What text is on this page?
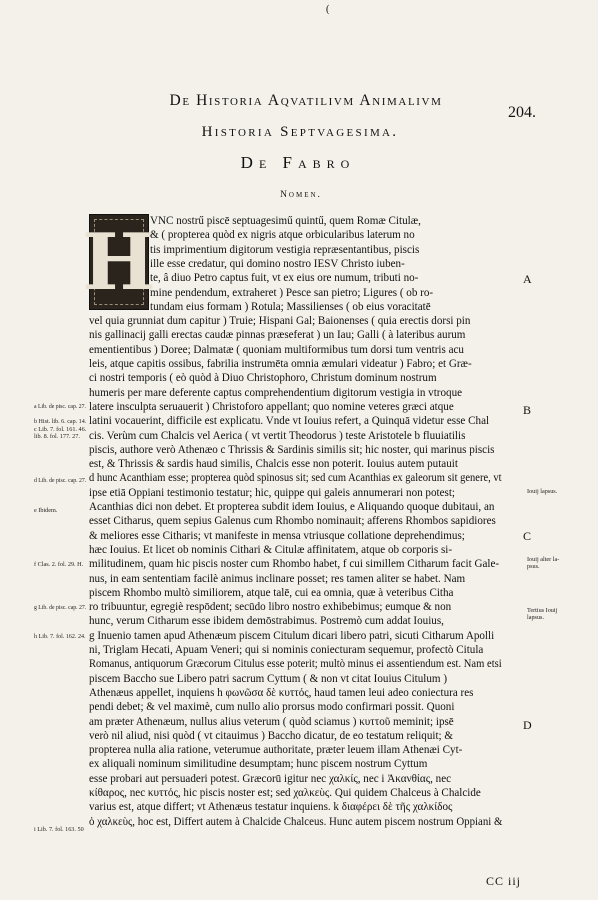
(
De Historia Aqvatilivm Animalivm
204.
Historia Septvagesima.
De Fabro
Nomen.
H
VNC nostrű piscē septuagesimű quintű, quem Romæ Citulæ,
& ( propterea quòd ex nigris atque orbicularibus laterum no
tis imprimentium digitorum vestigia repræsentantibus, piscis
ille esse credatur, qui domino nostro IESV Christo iuben-
te, â diuo Petro captus fuit, vt ex eius ore numum, tributi no-
mine pendendum, extraheret ) Pesce san pietro; Ligures ( ob ro-
tundam eius formam ) Rotula; Massilienses ( ob eius voracitatē
vel quia grunniat dum capitur ) Truie; Hispani Gal; Baionenses ( quia erectis dorsi pin
nis gallinacij galli erectas caudæ pinnas præseferat ) un Iau; Galli ( à lateribus aurum
ementientibus ) Doree; Dalmatæ ( quoniam multiformibus tum dorsi tum ventris acu
leis, atque capitis ossibus, fabrilia instrumēta omnia æmulari videatur ) Fabro; et Græ-
ci nostri temporis ( eò quòd à Diuo Christophoro, Christum dominum nostrum
humeris per mare deferente captus comprehendentium digitorum vestigia in vtroque
latere insculpta seruauerit ) Christoforo appellant; quo nomine veteres græci atque
latini vocauerint, difficile est explicatu. Vnde vt Iouius refert, a Quinquā videtur esse Chal
cis. Verùm cum Chalcis vel Aerica ( vt vertit Theodorus ) teste Aristotele b fluuiatilis
piscis, authore verò Athenæo c Thrissis & Sardinis similis sit; hic noster, qui marinus piscis
est, & Thrissis & sardis haud similis, Chalcis esse non poterit. Iouius autem putauit
d hunc Acanthiam esse; propterea quòd spinosus sit; sed cum Acanthias ex galeorum sit genere, vt
ipse etiā Oppiani testimonio testatur; hic, quippe qui galeis annumerari non potest;
Acanthias dici non debet. Et propterea subdit idem Iouius, e Aliquando quoque dubitaui, an
esset Citharus, quem sepius Galenus cum Rhombo nominauit; afferens Rhombos sapidiores
& meliores esse Citharis; vt manifeste in mensa vtriusque collatione deprehendimus;
hæc Iouius. Et licet ob nominis Cithari & Citulæ affinitatem, atque ob corporis si-
militudinem, quam hic piscis noster cum Rhombo habet, f cui simillem Citharum facit Gale-
nus, in eam sententiam facilè animus inclinare posset; res tamen aliter se habet. Nam
piscem Rhombo multò similiorem, atque talē, cui ea omnia, quæ à veteribus Citha
ro tribuuntur, egregiè respōdent; secūdo libro nostro exhibebimus; eumque & non
hunc, verum Citharum esse ibidem demōstrabimus. Postremò cum addat Iouius,
g Inuenio tamen apud Athenæum piscem Citulum dicari libero patri, sicuti Citharum Apolli
ni, Triglam Hecati, Apuam Veneri; qui si nominis coniecturam sequemur, profectò Citula
Romanus, antiquorum Græcorum Citulus esse poterit; multò minus ei assentiendum est. Nam etsi
piscem Baccho sue Libero patri sacrum Cyttum ( & non vt citat Iouius Citulum )
Athenæus appellet, inquiens h φωνῶσα δὲ κυττός, haud tamen leui adeo coniectura res
pendi debet; & vel maximè, cum nullo alio prorsus modo confirmari possit. Quoni
am præter Athenæum, nullus alius veterum ( quòd sciamus ) κυττοῦ meminit; ipsē
verò nil aliud, nisi quòd ( vt citauimus ) Baccho dicatur, de eo testatum reliquit; &
propterea nulla alia ratione, veterumue authoritate, præter leuem illam Athenæi Cyt-
ex aliquali nominum similitudine desumptam; hunc piscem nostrum Cyttum
esse probari aut persuaderi potest. Græcorū igitur nec χαλκίς, nec i Ἀκανθίας, nec
κίθαρος, nec κυττός, hic piscis noster est; sed χαλκεὺς. Qui quidem Chalceus à Chalcide
varius est, atque differt; vt Athenæus testatur inquiens. k διαφέρει δὲ τῆς χαλκίδος
ὁ χαλκεὺς, hoc est, Differt autem à Chalcide Chalceus. Hunc autem piscem nostrum Oppiani &
a Lib. de pisc. cap. 27.
b Hist. lib. 6. cap. 14.
c Lib. 7. fol. 161. 46.
lib. 8. fol. 177. 27.
d Lib. de pisc. cap. 27.
e Ibidem.
f Clas. 2. fol. 29. H.
g Lib. de pisc. cap. 27.
h Lib. 7. fol. 162. 24.
i Lib. 7. fol. 163. 50
Iouij lapsus.
Iouij alter la-
psus.
Tertius Iouij
lapsus.
A
B
C
D
CC iij
